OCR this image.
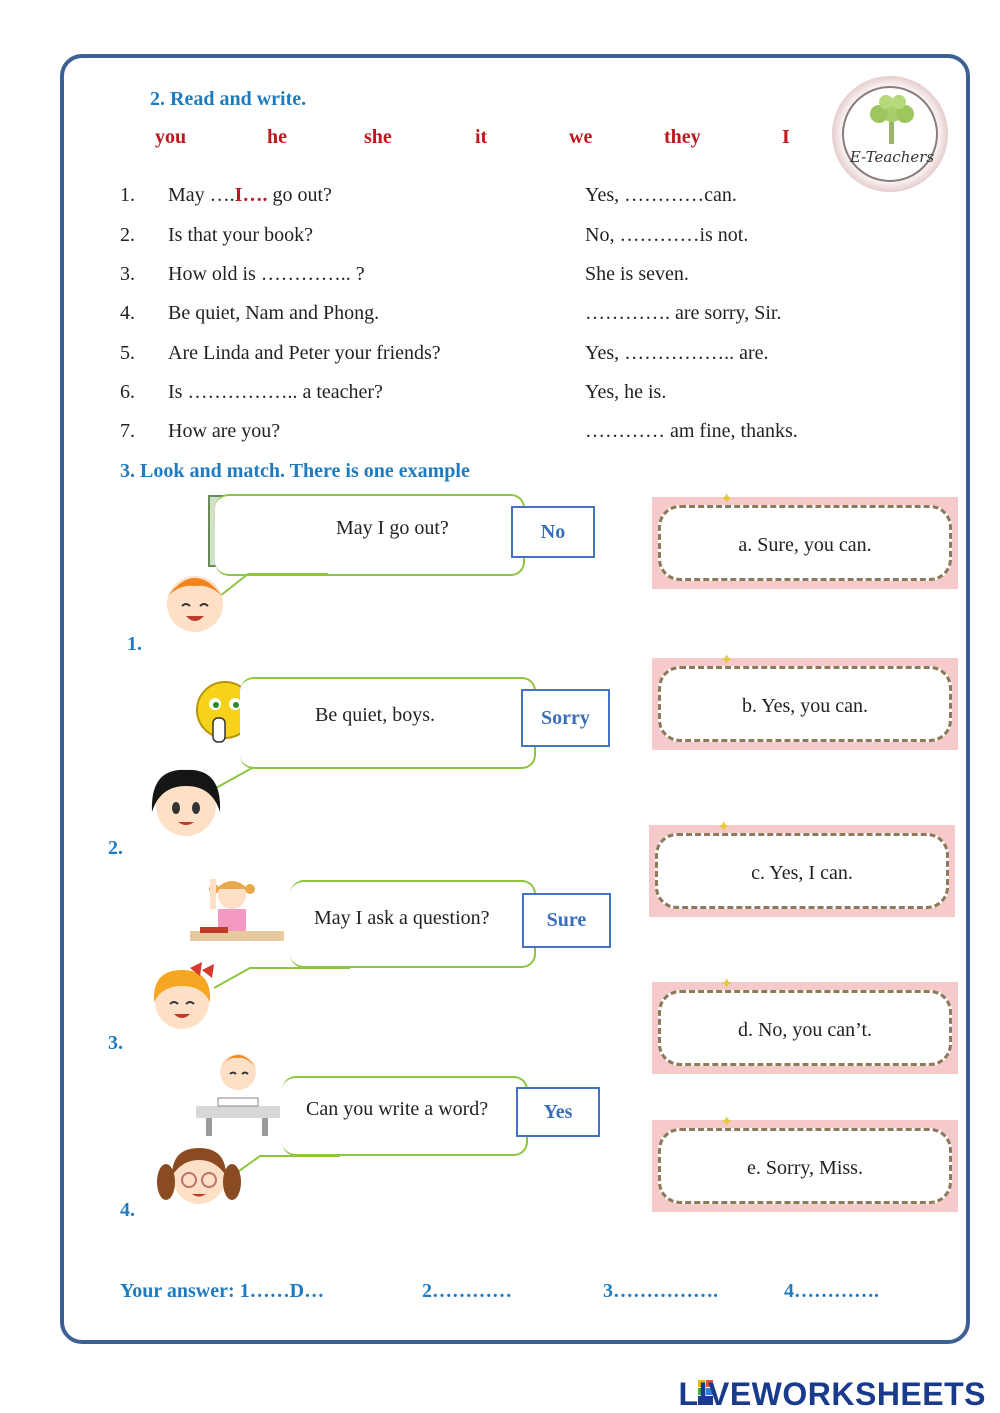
2. Read and write.
you	he	she	it	we	they	I
E-Teachers
1. May ….I…. go out?	Yes, …………can.
2. Is that your book?	No, …………is not.
3. How old is ………….. ?	She is seven.
4. Be quiet, Nam and Phong.	…………. are sorry, Sir.
5. Are Linda and Peter your friends?	Yes, …………….. are.
6. Is …………….. a teacher?	Yes, he is.
7. How are you?	………… am fine, thanks.
3. Look and match. There is one example
May I go out?	No
1.
Be quiet, boys.	Sorry
2.
May I ask a question?	Sure
3.
Can you write a word?	Yes
4.
a. Sure, you can.
✦
b. Yes, you can.
✦
c. Yes, I can.
✦
d. No, you can’t.
✦
e. Sorry, Miss.
✦
Your answer: 1……D…	2…………	3…………….	4………….
LIVEWORKSHEETS
